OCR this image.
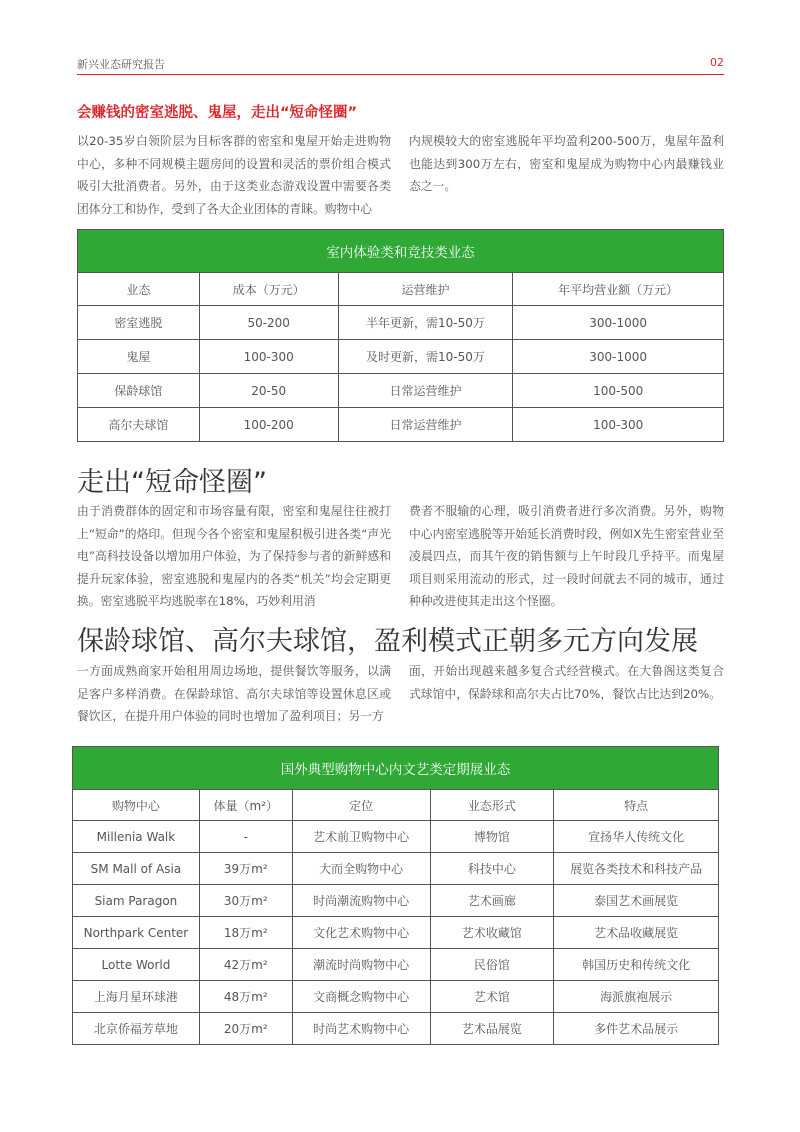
新兴业态研究报告	02
会赚钱的密室逃脱、鬼屋，走出“短命怪圈”
以20-35岁白领阶层为目标客群的密室和鬼屋开始走进购物中心，多种不同规模主题房间的设置和灵活的票价组合模式吸引大批消费者。另外，由于这类业态游戏设置中需要各类团体分工和协作，受到了各大企业团体的青睐。购物中心
内规模较大的密室逃脱年平均盈利200-500万，鬼屋年盈利也能达到300万左右，密室和鬼屋成为购物中心内最赚钱业态之一。
室内体验类和竞技类业态			
业态	成本（万元）	运营维护	年平均营业额（万元）
密室逃脱	50-200	半年更新，需10-50万	300-1000
鬼屋	100-300	及时更新，需10-50万	300-1000
保龄球馆	20-50	日常运营维护	100-500
高尔夫球馆	100-200	日常运营维护	100-300
走出“短命怪圈”
由于消费群体的固定和市场容量有限，密室和鬼屋往往被打上“短命”的烙印。但现今各个密室和鬼屋积极引进各类“声光电”高科技设备以增加用户体验，为了保持参与者的新鲜感和提升玩家体验，密室逃脱和鬼屋内的各类“机关”均会定期更换。密室逃脱平均逃脱率在18%，巧妙利用消
费者不服输的心理，吸引消费者进行多次消费。另外，购物中心内密室逃脱等开始延长消费时段，例如X先生密室营业至凌晨四点，而其午夜的销售额与上午时段几乎持平。而鬼屋项目则采用流动的形式，过一段时间就去不同的城市，通过种种改进使其走出这个怪圈。
保龄球馆、高尔夫球馆，盈利模式正朝多元方向发展
一方面成熟商家开始租用周边场地，提供餐饮等服务，以满足客户多样消费。在保龄球馆、高尔夫球馆等设置休息区或餐饮区，在提升用户体验的同时也增加了盈利项目；另一方
面，开始出现越来越多复合式经营模式。在大鲁阁这类复合式球馆中，保龄球和高尔夫占比70%，餐饮占比达到20%。
国外典型购物中心内文艺类定期展业态				
购物中心	体量（m²）	定位	业态形式	特点
Millenia Walk	-	艺术前卫购物中心	博物馆	宣扬华人传统文化
SM Mall of Asia	39万m²	大而全购物中心	科技中心	展览各类技术和科技产品
Siam Paragon	30万m²	时尚潮流购物中心	艺术画廊	泰国艺术画展览
Northpark Center	18万m²	文化艺术购物中心	艺术收藏馆	艺术品收藏展览
Lotte World	42万m²	潮流时尚购物中心	民俗馆	韩国历史和传统文化
上海月星环球港	48万m²	文商概念购物中心	艺术馆	海派旗袍展示
北京侨福芳草地	20万m²	时尚艺术购物中心	艺术品展览	多件艺术品展示
